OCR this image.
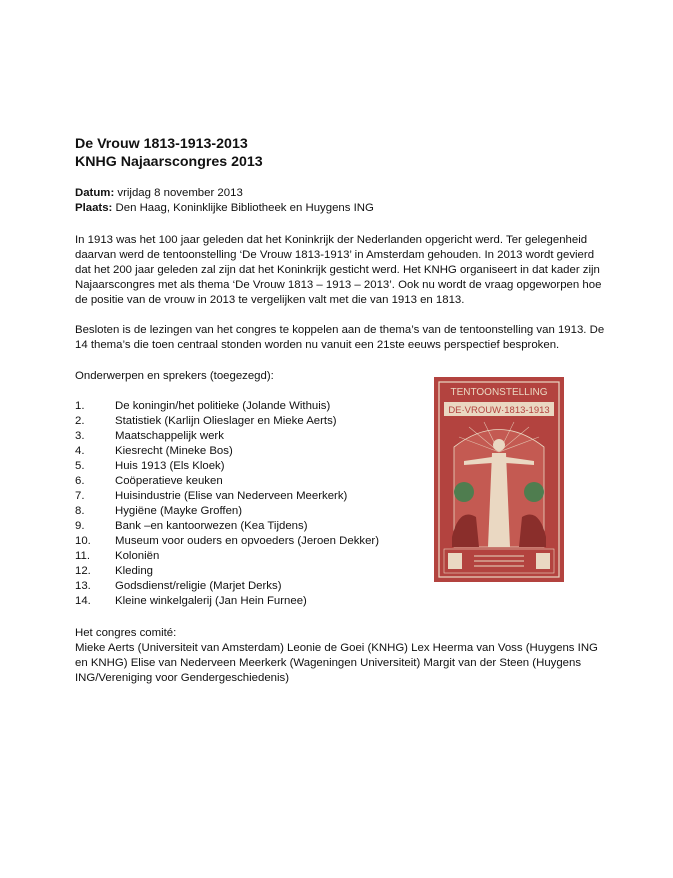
De Vrouw 1813-1913-2013
KNHG Najaarscongres 2013
Datum: vrijdag 8 november 2013
Plaats: Den Haag, Koninklijke Bibliotheek en Huygens ING
In 1913 was het 100 jaar geleden dat het Koninkrijk der Nederlanden opgericht werd. Ter gelegenheid daarvan werd de tentoonstelling ‘De Vrouw 1813-1913’ in Amsterdam gehouden. In 2013 wordt gevierd dat het 200 jaar geleden zal zijn dat het Koninkrijk gesticht werd. Het KNHG organiseert in dat kader zijn Najaarscongres met als thema ‘De Vrouw 1813 – 1913 – 2013’. Ook nu wordt de vraag opgeworpen hoe de positie van de vrouw in 2013 te vergelijken valt met die van 1913 en 1813.
Besloten is de lezingen van het congres te koppelen aan de thema’s van de tentoonstelling van 1913. De 14 thema’s die toen centraal stonden worden nu vanuit een 21ste eeuws perspectief besproken.
Onderwerpen en sprekers (toegezegd):
1.	De koningin/het politieke (Jolande Withuis)
2.	Statistiek (Karlijn Olieslager en Mieke Aerts)
3.	Maatschappelijk werk
4.	Kiesrecht (Mineke Bos)
5.	Huis 1913 (Els Kloek)
6.	Coöperatieve keuken
7.	Huisindustrie (Elise van Nederveen Meerkerk)
8.	Hygiëne (Mayke Groffen)
9.	Bank –en kantoorwezen (Kea Tijdens)
10. Museum voor ouders en opvoeders (Jeroen Dekker)
11. Koloniën
12. Kleding
13. Godsdienst/religie (Marjet Derks)
14. Kleine winkelgalerij (Jan Hein Furnee)
Het congres comité:
Mieke Aerts (Universiteit van Amsterdam) Leonie de Goei (KNHG) Lex Heerma van Voss (Huygens ING en KNHG) Elise van Nederveen Meerkerk (Wageningen Universiteit) Margit van der Steen (Huygens ING/Vereniging voor Gendergeschiedenis)
TENTOONSTELLING
DE·VROUW·1813-1913
